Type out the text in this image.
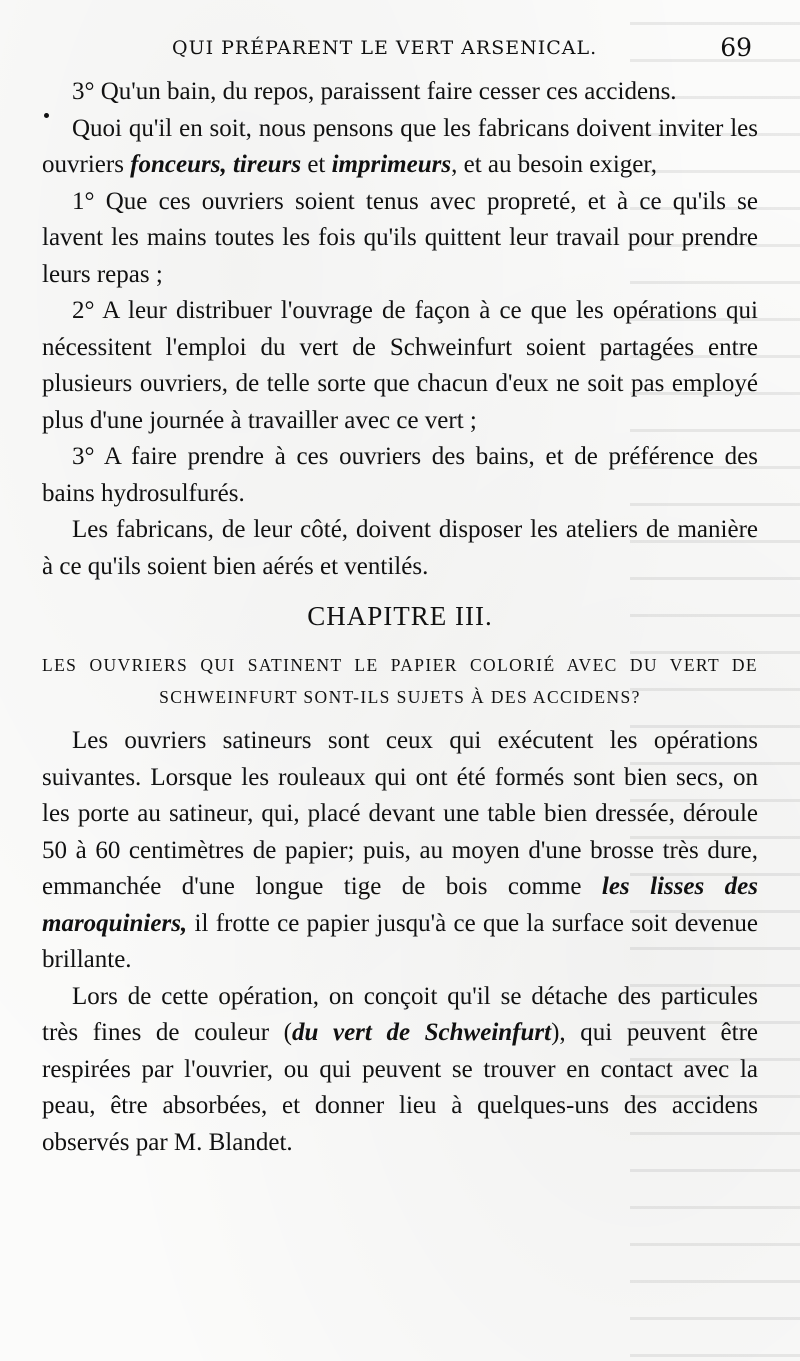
QUI PRÉPARENT LE VERT ARSENICAL.	69

3° Qu'un bain, du repos, paraissent faire cesser ces accidens.

Quoi qu'il en soit, nous pensons que les fabricans doivent inviter les ouvriers fonceurs, tireurs et imprimeurs, et au besoin exiger,

1° Que ces ouvriers soient tenus avec propreté, et à ce qu'ils se lavent les mains toutes les fois qu'ils quittent leur travail pour prendre leurs repas ;

2° A leur distribuer l'ouvrage de façon à ce que les opérations qui nécessitent l'emploi du vert de Schweinfurt soient partagées entre plusieurs ouvriers, de telle sorte que chacun d'eux ne soit pas employé plus d'une journée à travailler avec ce vert ;

3° A faire prendre à ces ouvriers des bains, et de préférence des bains hydrosulfurés.

Les fabricans, de leur côté, doivent disposer les ateliers de manière à ce qu'ils soient bien aérés et ventilés.

CHAPITRE III.
LES OUVRIERS QUI SATINENT LE PAPIER COLORIÉ AVEC DU VERT DE SCHWEINFURT SONT-ILS SUJETS À DES ACCIDENS?

Les ouvriers satineurs sont ceux qui exécutent les opérations suivantes. Lorsque les rouleaux qui ont été formés sont bien secs, on les porte au satineur, qui, placé devant une table bien dressée, déroule 50 à 60 centimètres de papier; puis, au moyen d'une brosse très dure, emmanchée d'une longue tige de bois comme les lisses des maroquiniers, il frotte ce papier jusqu'à ce que la surface soit devenue brillante.

Lors de cette opération, on conçoit qu'il se détache des particules très fines de couleur (du vert de Schweinfurt), qui peuvent être respirées par l'ouvrier, ou qui peuvent se trouver en contact avec la peau, être absorbées, et donner lieu à quelques-uns des accidens observés par M. Blandet.
